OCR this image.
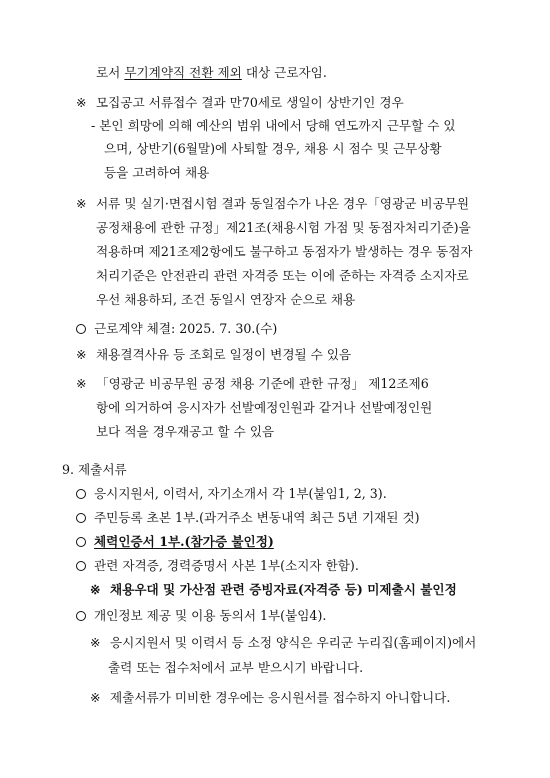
로서 무기계약직 전환 제외 대상 근로자임.
※ 모집공고 서류접수 결과 만70세로 생일이 상반기인 경우
- 본인 희망에 의해 예산의 범위 내에서 당해 연도까지 근무할 수 있
으며, 상반기(6월말)에 사퇴할 경우, 채용 시 점수 및 근무상황
등을 고려하여 채용
※ 서류 및 실기·면접시험 결과 동일점수가 나온 경우「영광군 비공무원
공정채용에 관한 규정」제21조(채용시험 가점 및 동점자처리기준)을
적용하며 제21조제2항에도 불구하고 동점자가 발생하는 경우 동점자
처리기준은 안전관리 관련 자격증 또는 이에 준하는 자격증 소지자로
우선 채용하되, 조건 동일시 연장자 순으로 채용
근로계약 체결: 2025. 7. 30.(수)
※ 채용결격사유 등 조회로 일정이 변경될 수 있음
※ 「영광군 비공무원 공정 채용 기준에 관한 규정」 제12조제6
항에 의거하여 응시자가 선발예정인원과 같거나 선발예정인원
보다 적을 경우재공고 할 수 있음
9. 제출서류
응시지원서, 이력서, 자기소개서 각 1부(붙임1, 2, 3).
주민등록 초본 1부.(과거주소 변동내역 최근 5년 기재된 것)
체력인증서 1부.(참가증 불인정)
관련 자격증, 경력증명서 사본 1부(소지자 한함).
※ 채용우대 및 가산점 관련 증빙자료(자격증 등) 미제출시 불인정
개인정보 제공 및 이용 동의서 1부(붙임4).
※ 응시지원서 및 이력서 등 소정 양식은 우리군 누리집(홈페이지)에서
출력 또는 접수처에서 교부 받으시기 바랍니다.
※ 제출서류가 미비한 경우에는 응시원서를 접수하지 아니합니다.
